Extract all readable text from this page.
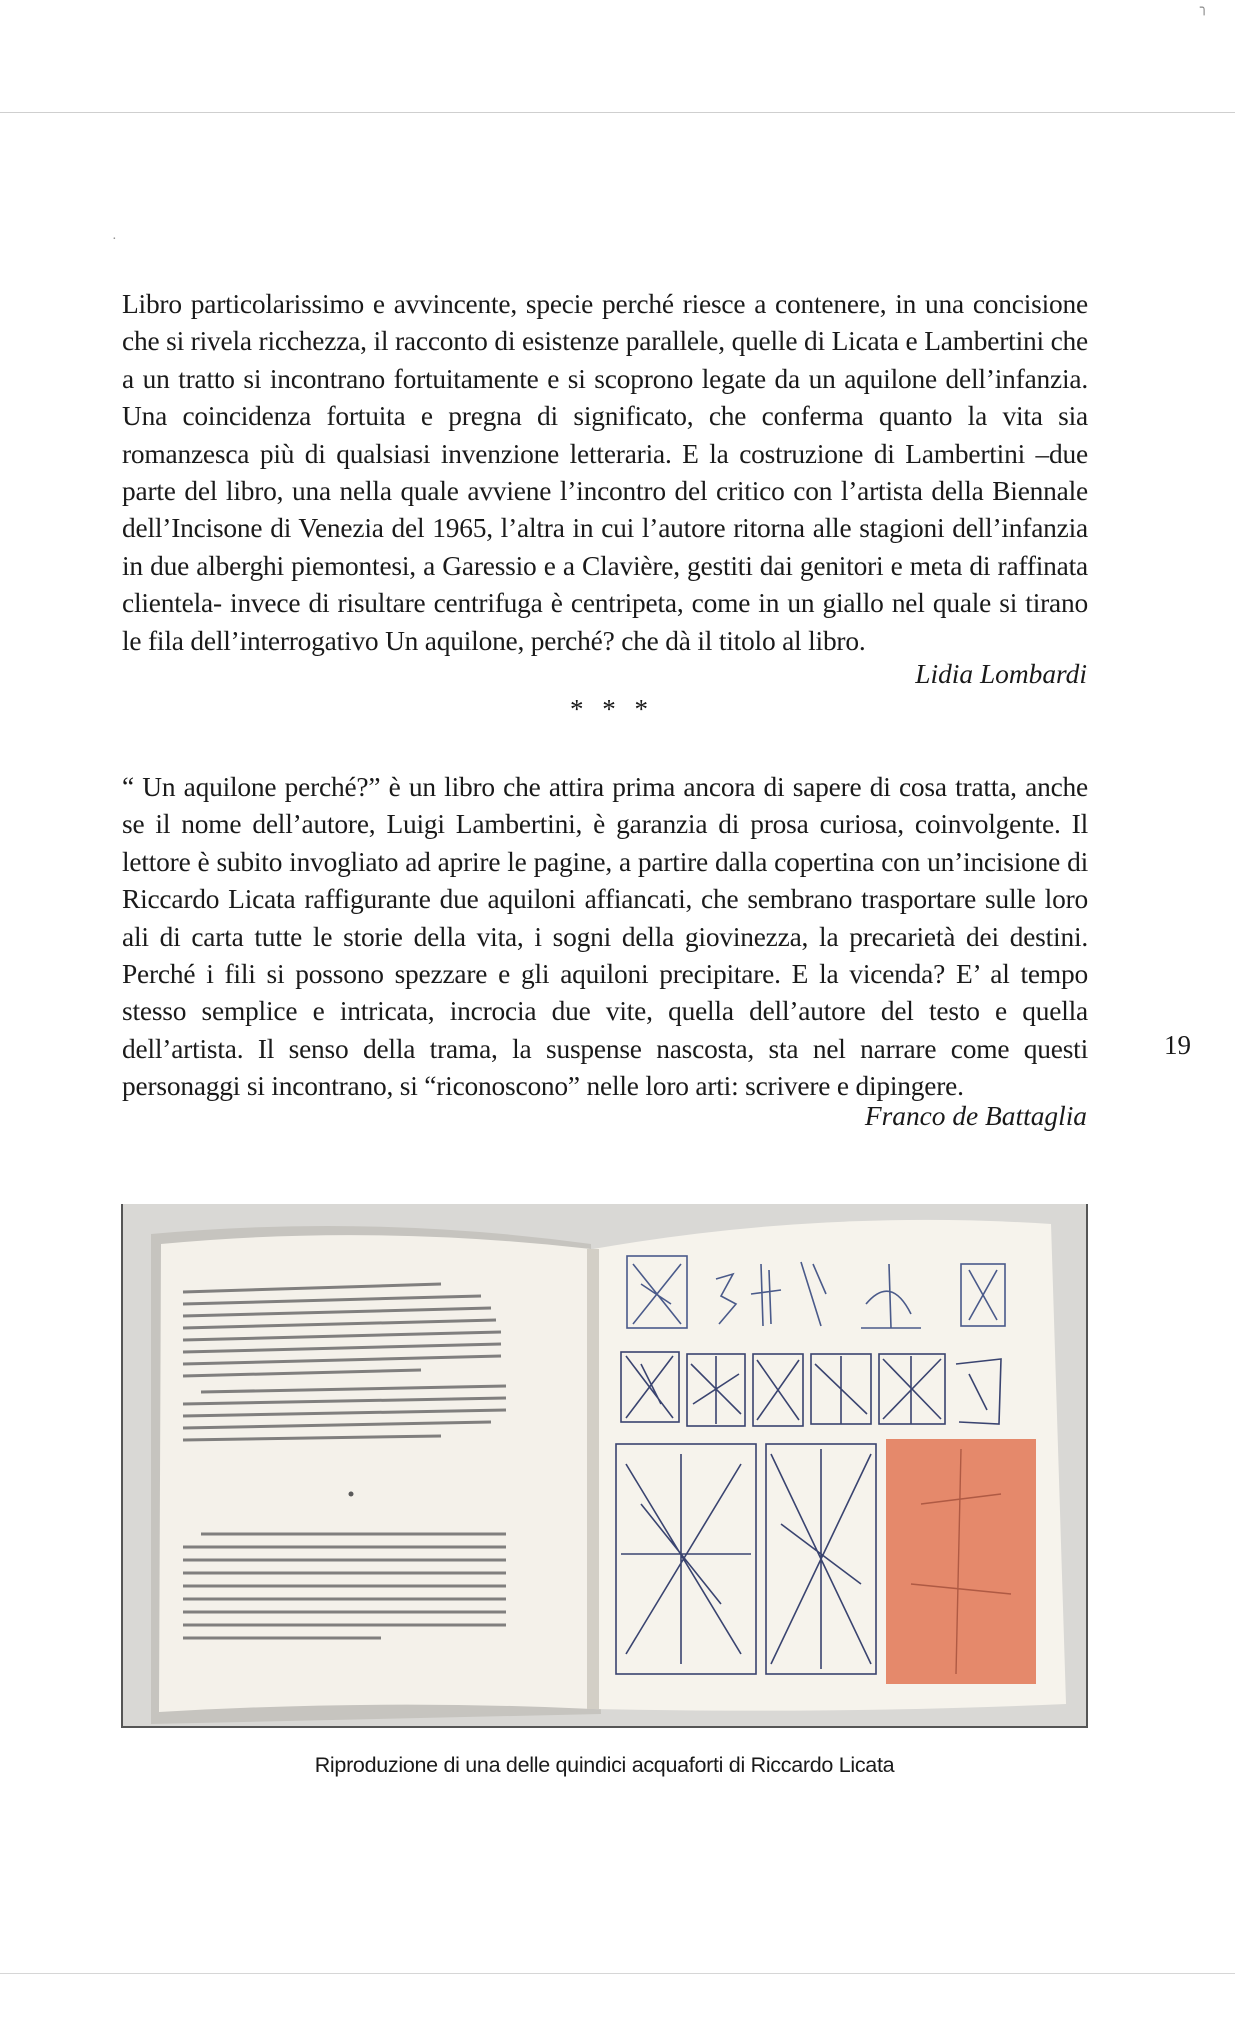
╮
·

Libro particolarissimo e avvincente, specie perché riesce a contenere, in una concisione che si rivela ricchezza, il racconto di esistenze parallele, quelle di Licata e Lambertini che a un tratto si incontrano fortuitamente e si scoprono legate da un aquilone dell’infanzia. Una coincidenza fortuita e pregna di significato, che conferma quanto la vita sia romanzesca più di qualsiasi invenzione letteraria. E la costruzione di Lambertini –due parte del libro, una nella quale avviene l’incontro del critico con l’artista della Biennale dell’Incisone di Venezia del 1965, l’altra in cui l’autore ritorna alle stagioni dell’infanzia in due alberghi piemontesi, a Garessio e a Clavière, gestiti dai genitori e meta di raffinata clientela- invece di risultare centrifuga è centripeta, come in un giallo nel quale si tirano le fila dell’interrogativo Un aquilone, perché? che dà il titolo al libro.

Lidia Lombardi
* * *

“ Un aquilone perché?” è un libro che attira prima ancora di sapere di cosa tratta, anche se il nome dell’autore, Luigi Lambertini, è garanzia di prosa curiosa, coinvolgente. Il lettore è subito invogliato ad aprire le pagine, a partire dalla copertina con un’incisione di Riccardo Licata raffigurante due aquiloni affiancati, che sembrano trasportare sulle loro ali di carta tutte le storie della vita, i sogni della giovinezza, la precarietà dei destini. Perché i fili si possono spezzare e gli aquiloni precipitare. E la vicenda? E’ al tempo stesso semplice e intricata, incrocia due vite, quella dell’autore del testo e quella dell’artista. Il senso della trama, la suspense nascosta, sta nel narrare come questi personaggi si incontrano, si “riconoscono” nelle loro arti: scrivere e dipingere.

Franco de Battaglia
19
Riproduzione di una delle quindici acquaforti di Riccardo Licata
